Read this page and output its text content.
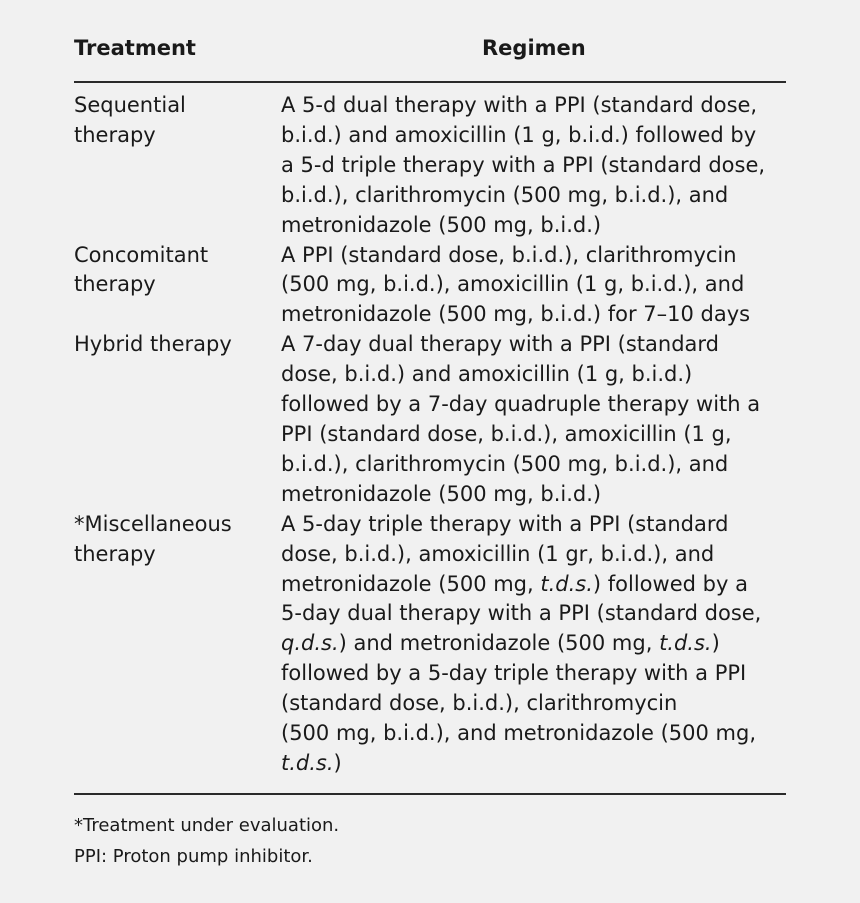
Treatment	Regimen
Sequential
therapy
A 5-d dual therapy with a PPI (standard dose,
b.i.d.) and amoxicillin (1 g, b.i.d.) followed by
a 5-d triple therapy with a PPI (standard dose,
b.i.d.), clarithromycin (500 mg, b.i.d.), and
metronidazole (500 mg, b.i.d.)
Concomitant
therapy
A PPI (standard dose, b.i.d.), clarithromycin
(500 mg, b.i.d.), amoxicillin (1 g, b.i.d.), and
metronidazole (500 mg, b.i.d.) for 7–10 days
Hybrid therapy	A 7-day dual therapy with a PPI (standard
dose, b.i.d.) and amoxicillin (1 g, b.i.d.)
followed by a 7-day quadruple therapy with a
PPI (standard dose, b.i.d.), amoxicillin (1 g,
b.i.d.), clarithromycin (500 mg, b.i.d.), and
metronidazole (500 mg, b.i.d.)
*Miscellaneous
therapy
A 5-day triple therapy with a PPI (standard
dose, b.i.d.), amoxicillin (1 gr, b.i.d.), and
metronidazole (500 mg, t.d.s.) followed by a
5-day dual therapy with a PPI (standard dose,
q.d.s.) and metronidazole (500 mg, t.d.s.)
followed by a 5-day triple therapy with a PPI
(standard dose, b.i.d.), clarithromycin
(500 mg, b.i.d.), and metronidazole (500 mg,
t.d.s.)
*Treatment under evaluation.
PPI: Proton pump inhibitor.
